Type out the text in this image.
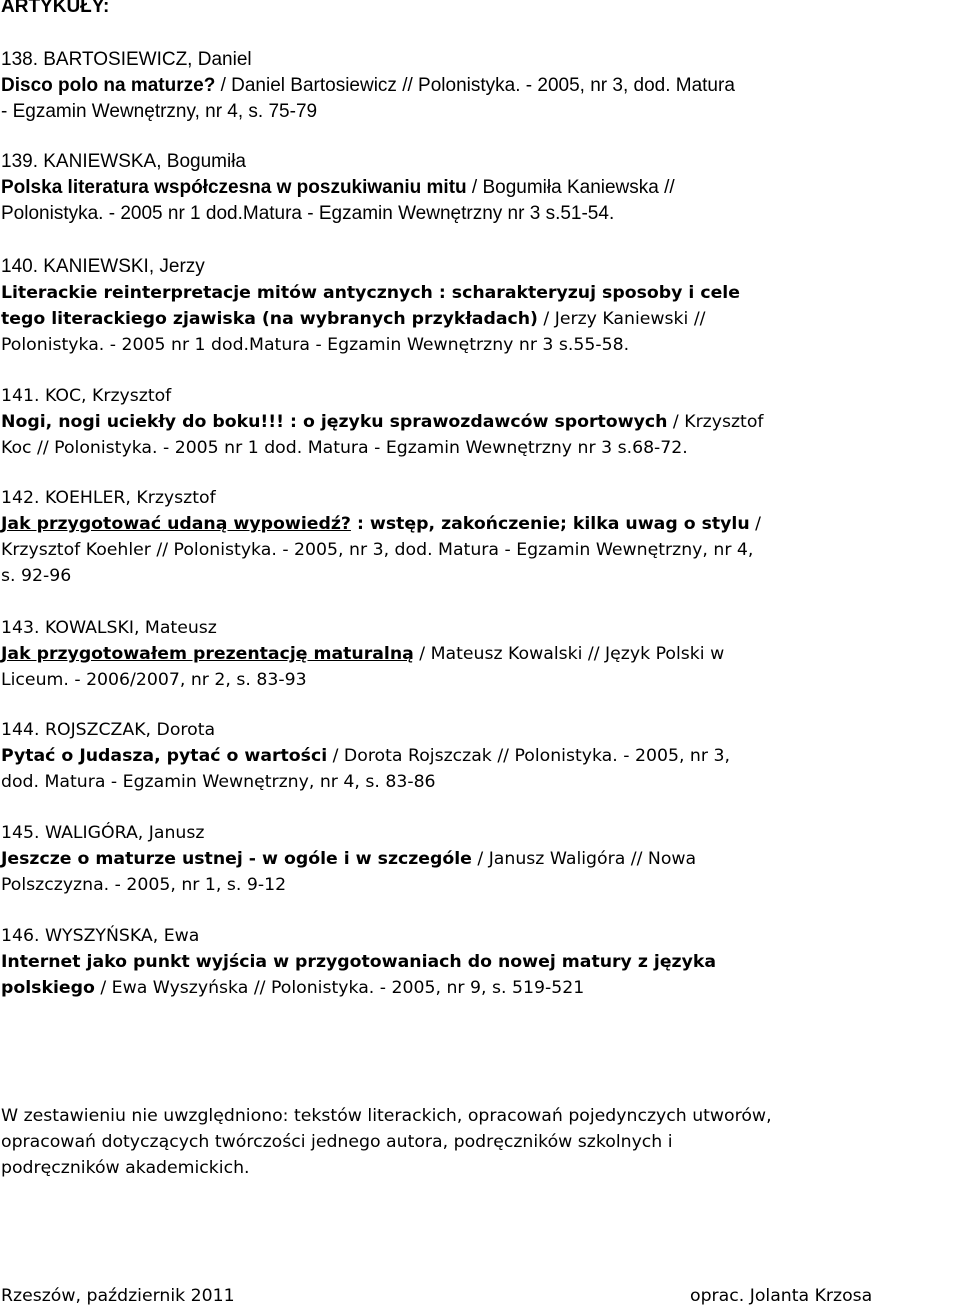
ARTYKUŁY:
138. BARTOSIEWICZ, Daniel
Disco polo na maturze? / Daniel Bartosiewicz // Polonistyka. - 2005, nr 3, dod. Matura
- Egzamin Wewnętrzny, nr 4, s. 75-79
139. KANIEWSKA, Bogumiła
Polska literatura współczesna w poszukiwaniu mitu / Bogumiła Kaniewska //
Polonistyka. - 2005 nr 1 dod.Matura - Egzamin Wewnętrzny nr 3 s.51-54.
140. KANIEWSKI, Jerzy
Literackie reinterpretacje mitów antycznych : scharakteryzuj sposoby i cele
tego literackiego zjawiska (na wybranych przykładach) / Jerzy Kaniewski //
Polonistyka. - 2005 nr 1 dod.Matura - Egzamin Wewnętrzny nr 3 s.55-58.
141. KOC, Krzysztof
Nogi, nogi uciekły do boku!!! : o języku sprawozdawców sportowych / Krzysztof
Koc // Polonistyka. - 2005 nr 1 dod. Matura - Egzamin Wewnętrzny nr 3 s.68-72.
142. KOEHLER, Krzysztof
Jak przygotować udaną wypowiedź? : wstęp, zakończenie; kilka uwag o stylu /
Krzysztof Koehler // Polonistyka. - 2005, nr 3, dod. Matura - Egzamin Wewnętrzny, nr 4,
s. 92-96
143. KOWALSKI, Mateusz
Jak przygotowałem prezentację maturalną / Mateusz Kowalski // Język Polski w
Liceum. - 2006/2007, nr 2, s. 83-93
144. ROJSZCZAK, Dorota
Pytać o Judasza, pytać o wartości / Dorota Rojszczak // Polonistyka. - 2005, nr 3,
dod. Matura - Egzamin Wewnętrzny, nr 4, s. 83-86
145. WALIGÓRA, Janusz
Jeszcze o maturze ustnej - w ogóle i w szczególe / Janusz Waligóra // Nowa
Polszczyzna. - 2005, nr 1, s. 9-12
146. WYSZYŃSKA, Ewa
Internet jako punkt wyjścia w przygotowaniach do nowej matury z języka
polskiego / Ewa Wyszyńska // Polonistyka. - 2005, nr 9, s. 519-521
W zestawieniu nie uwzględniono: tekstów literackich, opracowań pojedynczych utworów,
opracowań dotyczących twórczości jednego autora, podręczników szkolnych i
podręczników akademickich.
Rzeszów, październik 2011	oprac. Jolanta Krzosa
